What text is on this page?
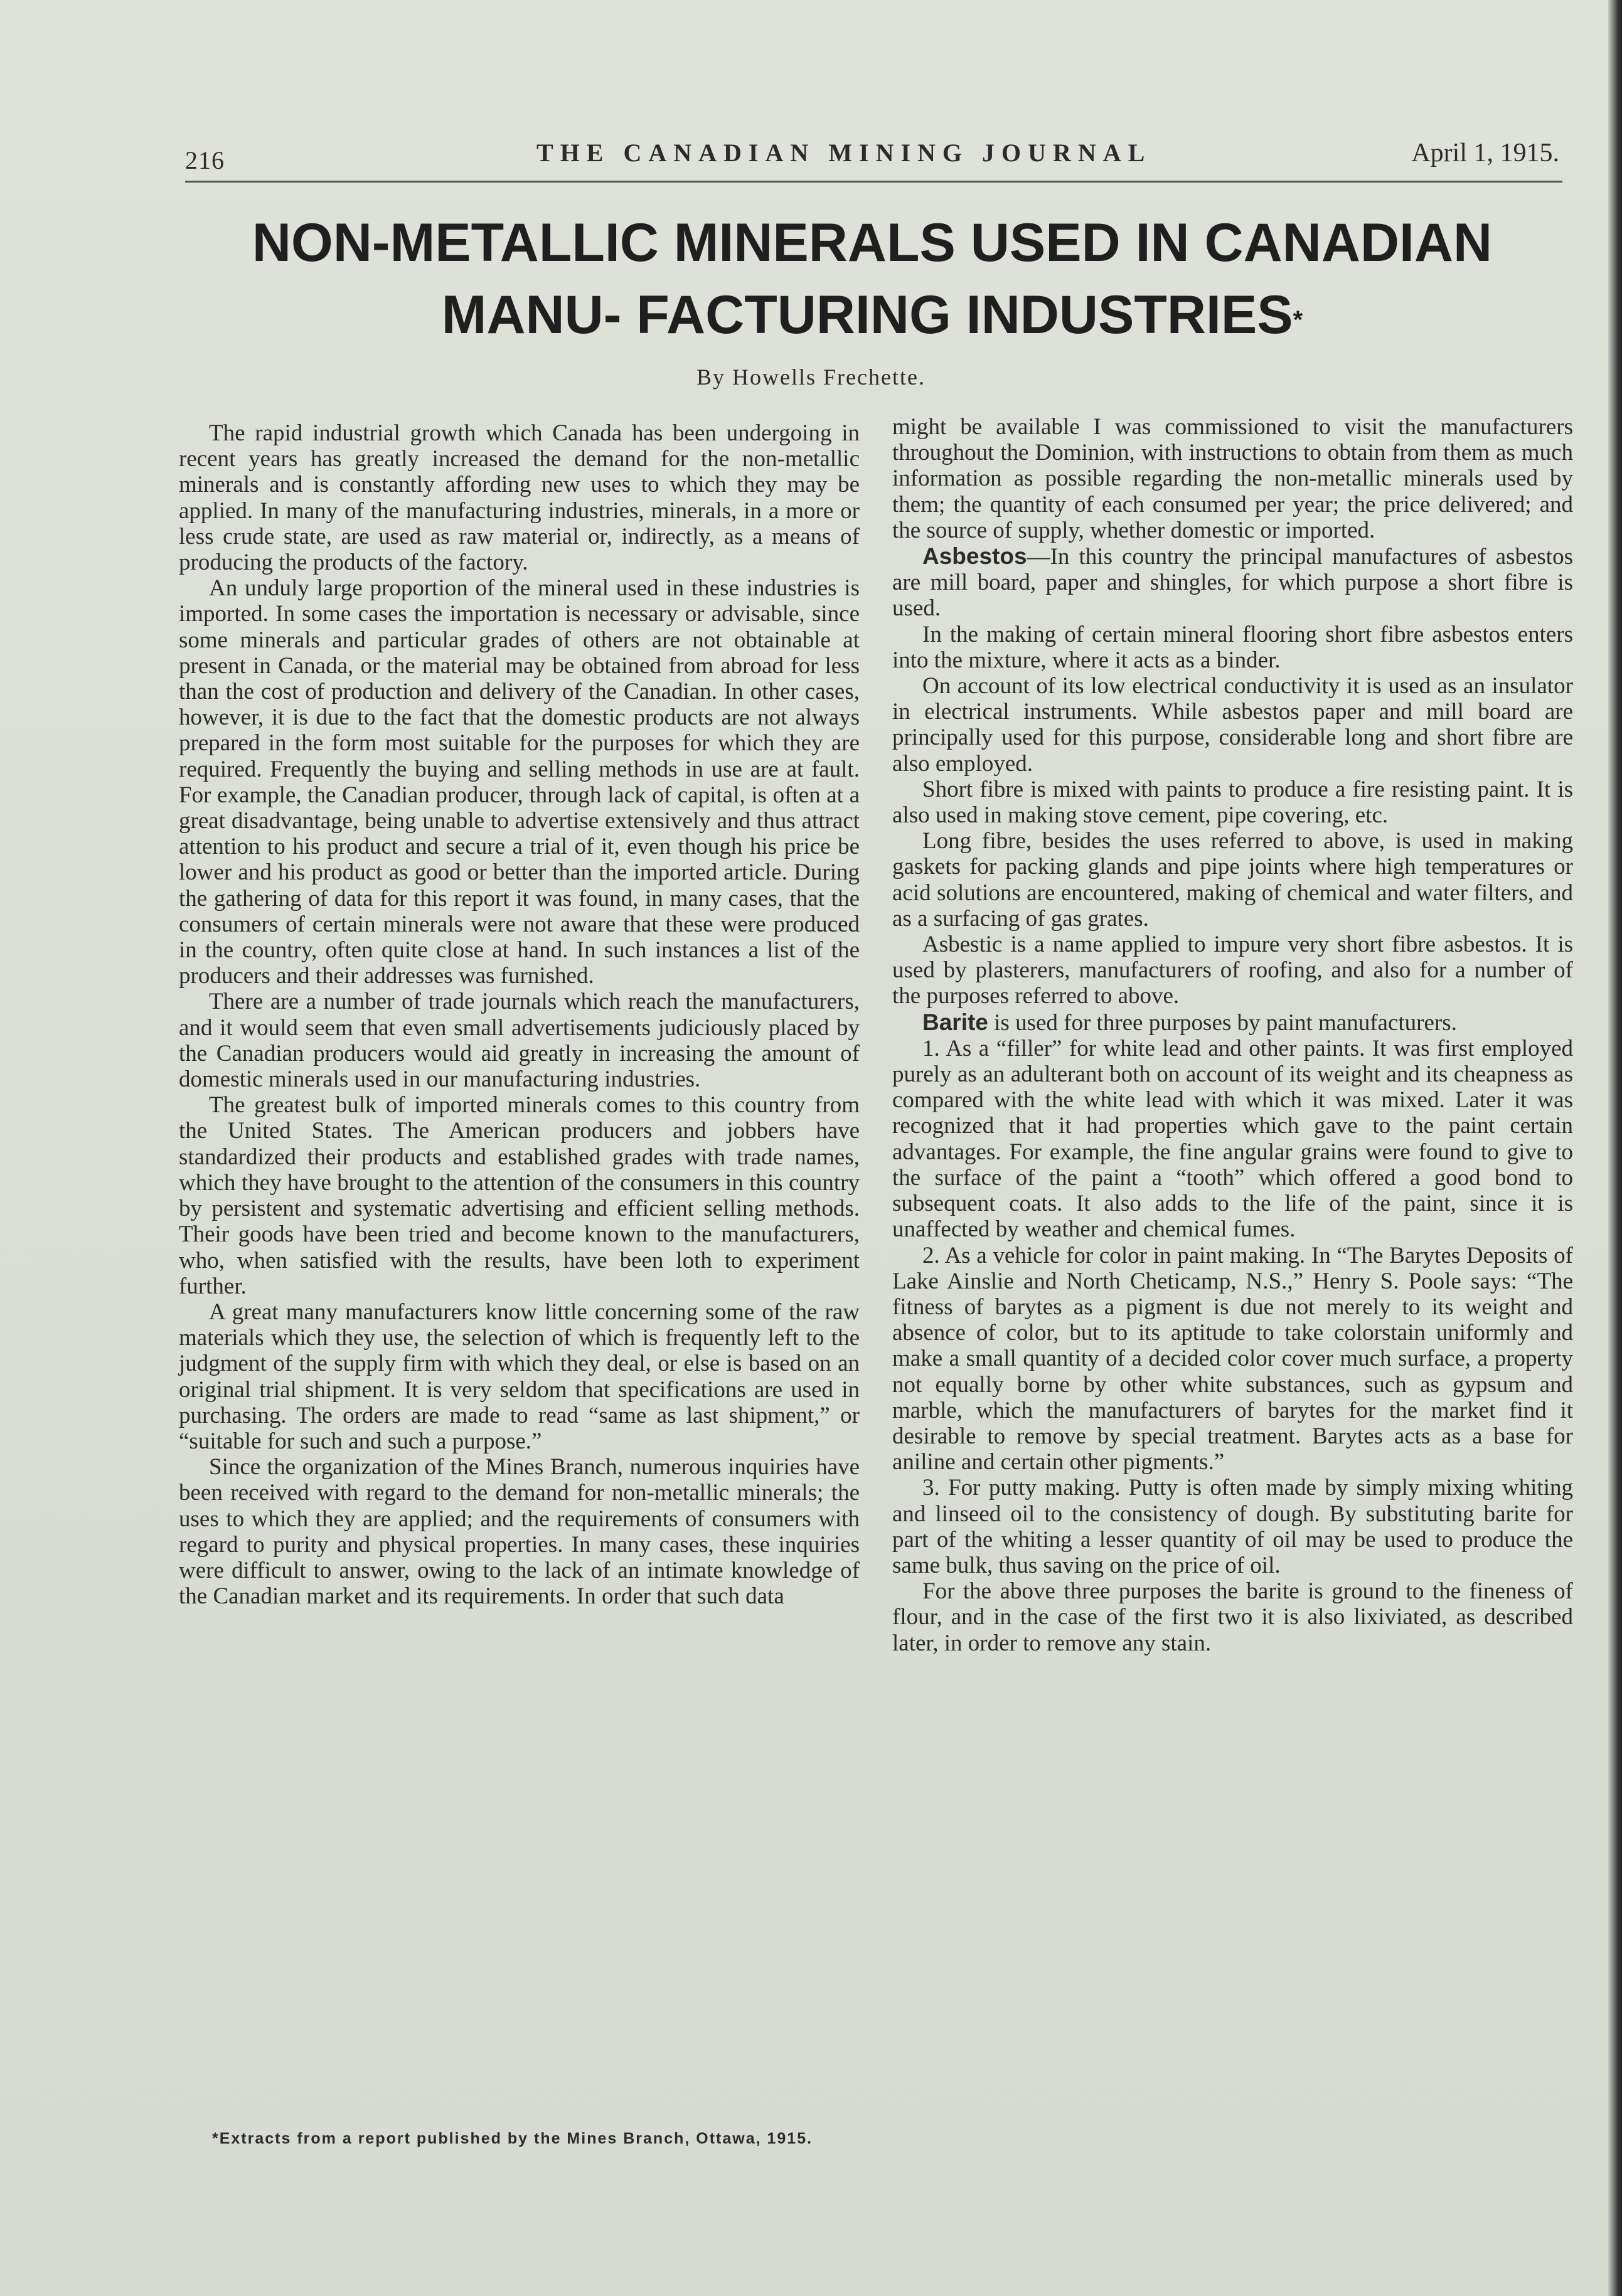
216	THE CANADIAN MINING JOURNAL	April 1, 1915.
NON-METALLIC MINERALS USED IN CANADIAN MANU- FACTURING INDUSTRIES*
By Howells Frechette.

The rapid industrial growth which Canada has been undergoing in recent years has greatly increased the demand for the non-metallic minerals and is constantly affording new uses to which they may be applied. In many of the manufacturing industries, minerals, in a more or less crude state, are used as raw material or, indirectly, as a means of producing the products of the factory.

An unduly large proportion of the mineral used in these industries is imported. In some cases the importation is necessary or advisable, since some minerals and particular grades of others are not obtainable at present in Canada, or the material may be obtained from abroad for less than the cost of production and delivery of the Canadian. In other cases, however, it is due to the fact that the domestic products are not always prepared in the form most suitable for the purposes for which they are required. Frequently the buying and selling methods in use are at fault. For example, the Canadian producer, through lack of capital, is often at a great disadvantage, being unable to advertise extensively and thus attract attention to his product and secure a trial of it, even though his price be lower and his product as good or better than the imported article. During the gathering of data for this report it was found, in many cases, that the consumers of certain minerals were not aware that these were produced in the country, often quite close at hand. In such instances a list of the producers and their addresses was furnished.

There are a number of trade journals which reach the manufacturers, and it would seem that even small advertisements judiciously placed by the Canadian producers would aid greatly in increasing the amount of domestic minerals used in our manufacturing industries.

The greatest bulk of imported minerals comes to this country from the United States. The American producers and jobbers have standardized their products and established grades with trade names, which they have brought to the attention of the consumers in this country by persistent and systematic advertising and efficient selling methods. Their goods have been tried and become known to the manufacturers, who, when satisfied with the results, have been loth to experiment further.

A great many manufacturers know little concerning some of the raw materials which they use, the selection of which is frequently left to the judgment of the supply firm with which they deal, or else is based on an original trial shipment. It is very seldom that specifications are used in purchasing. The orders are made to read “same as last shipment,” or “suitable for such and such a purpose.”

Since the organization of the Mines Branch, numerous inquiries have been received with regard to the demand for non-metallic minerals; the uses to which they are applied; and the requirements of consumers with regard to purity and physical properties. In many cases, these inquiries were difficult to answer, owing to the lack of an intimate knowledge of the Canadian market and its requirements. In order that such data

might be available I was commissioned to visit the manufacturers throughout the Dominion, with instructions to obtain from them as much information as possible regarding the non-metallic minerals used by them; the quantity of each consumed per year; the price delivered; and the source of supply, whether domestic or imported.

Asbestos—In this country the principal manufactures of asbestos are mill board, paper and shingles, for which purpose a short fibre is used.

In the making of certain mineral flooring short fibre asbestos enters into the mixture, where it acts as a binder.

On account of its low electrical conductivity it is used as an insulator in electrical instruments. While asbestos paper and mill board are principally used for this purpose, considerable long and short fibre are also employed.

Short fibre is mixed with paints to produce a fire resisting paint. It is also used in making stove cement, pipe covering, etc.

Long fibre, besides the uses referred to above, is used in making gaskets for packing glands and pipe joints where high temperatures or acid solutions are encountered, making of chemical and water filters, and as a surfacing of gas grates.

Asbestic is a name applied to impure very short fibre asbestos. It is used by plasterers, manufacturers of roofing, and also for a number of the purposes referred to above.

Barite is used for three purposes by paint manufacturers.

1. As a “filler” for white lead and other paints. It was first employed purely as an adulterant both on account of its weight and its cheapness as compared with the white lead with which it was mixed. Later it was recognized that it had properties which gave to the paint certain advantages. For example, the fine angular grains were found to give to the surface of the paint a “tooth” which offered a good bond to subsequent coats. It also adds to the life of the paint, since it is unaffected by weather and chemical fumes.

2. As a vehicle for color in paint making. In “The Barytes Deposits of Lake Ainslie and North Cheticamp, N.S.,” Henry S. Poole says: “The fitness of barytes as a pigment is due not merely to its weight and absence of color, but to its aptitude to take colorstain uniformly and make a small quantity of a decided color cover much surface, a property not equally borne by other white substances, such as gypsum and marble, which the manufacturers of barytes for the market find it desirable to remove by special treatment. Barytes acts as a base for aniline and certain other pigments.”

3. For putty making. Putty is often made by simply mixing whiting and linseed oil to the consistency of dough. By substituting barite for part of the whiting a lesser quantity of oil may be used to produce the same bulk, thus saving on the price of oil.

For the above three purposes the barite is ground to the fineness of flour, and in the case of the first two it is also lixiviated, as described later, in order to remove any stain.

*Extracts from a report published by the Mines Branch, Ottawa, 1915.
